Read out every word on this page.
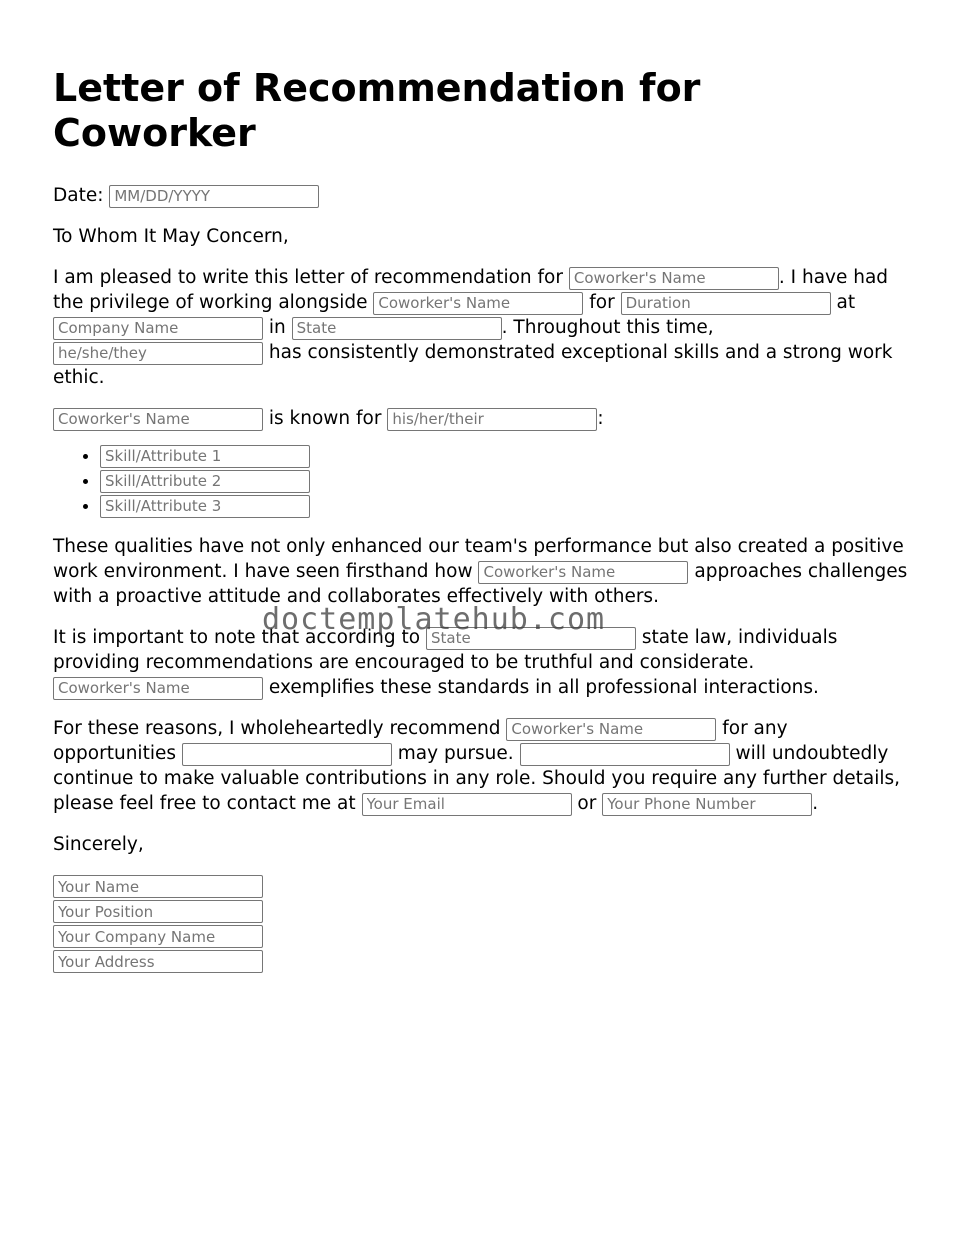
Letter of Recommendation for Coworker

Date: MM/DD/YYYY

To Whom It May Concern,

I am pleased to write this letter of recommendation for Coworker's Name	. I have had the privilege of working alongside Coworker's Name	for Duration	at Company Name in State	. Throughout this time, he/she/they has consistently demonstrated exceptional skills and a strong work ethic.

Coworker's Name is known for his/her/their	:

• Skill/Attribute 1
• Skill/Attribute 2
• Skill/Attribute 3

These qualities have not only enhanced our team's performance but also created a positive work environment. I have seen firsthand how Coworker's Name	approaches challenges with a proactive attitude and collaborates effectively with others.

It is important to note that according to State	state law, individuals providing recommendations are encouraged to be truthful and considerate. Coworker's Name exemplifies these standards in all professional interactions.

For these reasons, I wholeheartedly recommend Coworker's Name	for any opportunities	may pursue.	will undoubtedly continue to make valuable contributions in any role. Should you require any further details, please feel free to contact me at Your Email	or Your Phone Number	.

Sincerely,

Your Name
Your Position
Your Company Name
Your Address
doctemplatehub.com
